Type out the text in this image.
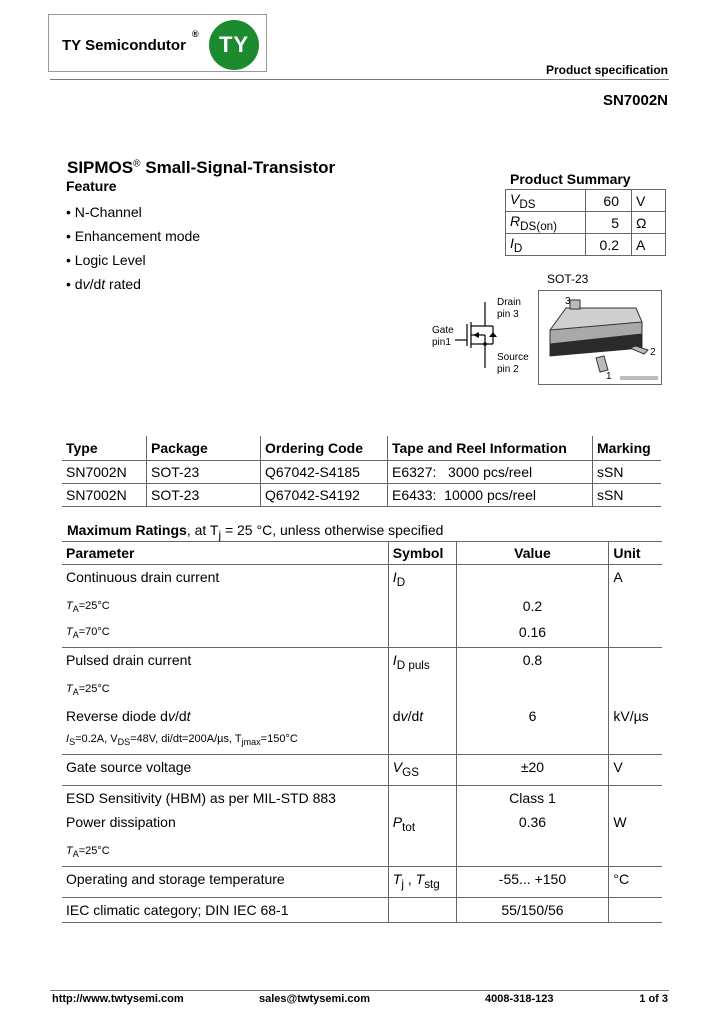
TY Semicondutor
® TY
Product specification
SN7002N
SIPMOS® Small-Signal-Transistor
Feature
• N-Channel
• Enhancement mode
• Logic Level
• dv/dt rated
Product Summary
$V_{DS}$	60	V
$R_{DS(on)}$	5	Ω
$I_D$	0.2	A
SOT-23
3
2
1
Drain
pin 3
Gate
pin1
Source
pin 2
Type	Package	Ordering Code	Tape and Reel Information	Marking
SN7002N	SOT-23	Q67042-S4185	E6327:   3000 pcs/reel	sSN
SN7002N	SOT-23	Q67042-S4192	E6433:  10000 pcs/reel	sSN
Maximum Ratings, at $T_j = 25$ °C, unless otherwise specified
Parameter	Symbol	Value	Unit
Continuous drain current	$I_D$		A
$T_A=25^\circ C$		0.2	
$T_A=70^\circ C$		0.16	
Pulsed drain current	$I_{D puls}$	0.8	
$T_A=25^\circ C$			
Reverse diode dv/dt	dv/dt	6	kV/µs
$I_S=0.2A$, $V_{DS}=48V$, di/dt=200A/µs, $T_{jmax}=150^\circ C$			
Gate source voltage	$V_{GS}$	±20	V
ESD Sensitivity (HBM) as per MIL-STD 883		Class 1	
Power dissipation	$P_{tot}$	0.36	W
$T_A=25^\circ C$			
Operating and storage temperature	$T_j$ , $T_{stg}$	-55... +150	°C
IEC climatic category; DIN IEC 68-1		55/150/56	
http://www.twtysemi.com	sales@twtysemi.com	4008-318-123	1 of 3
